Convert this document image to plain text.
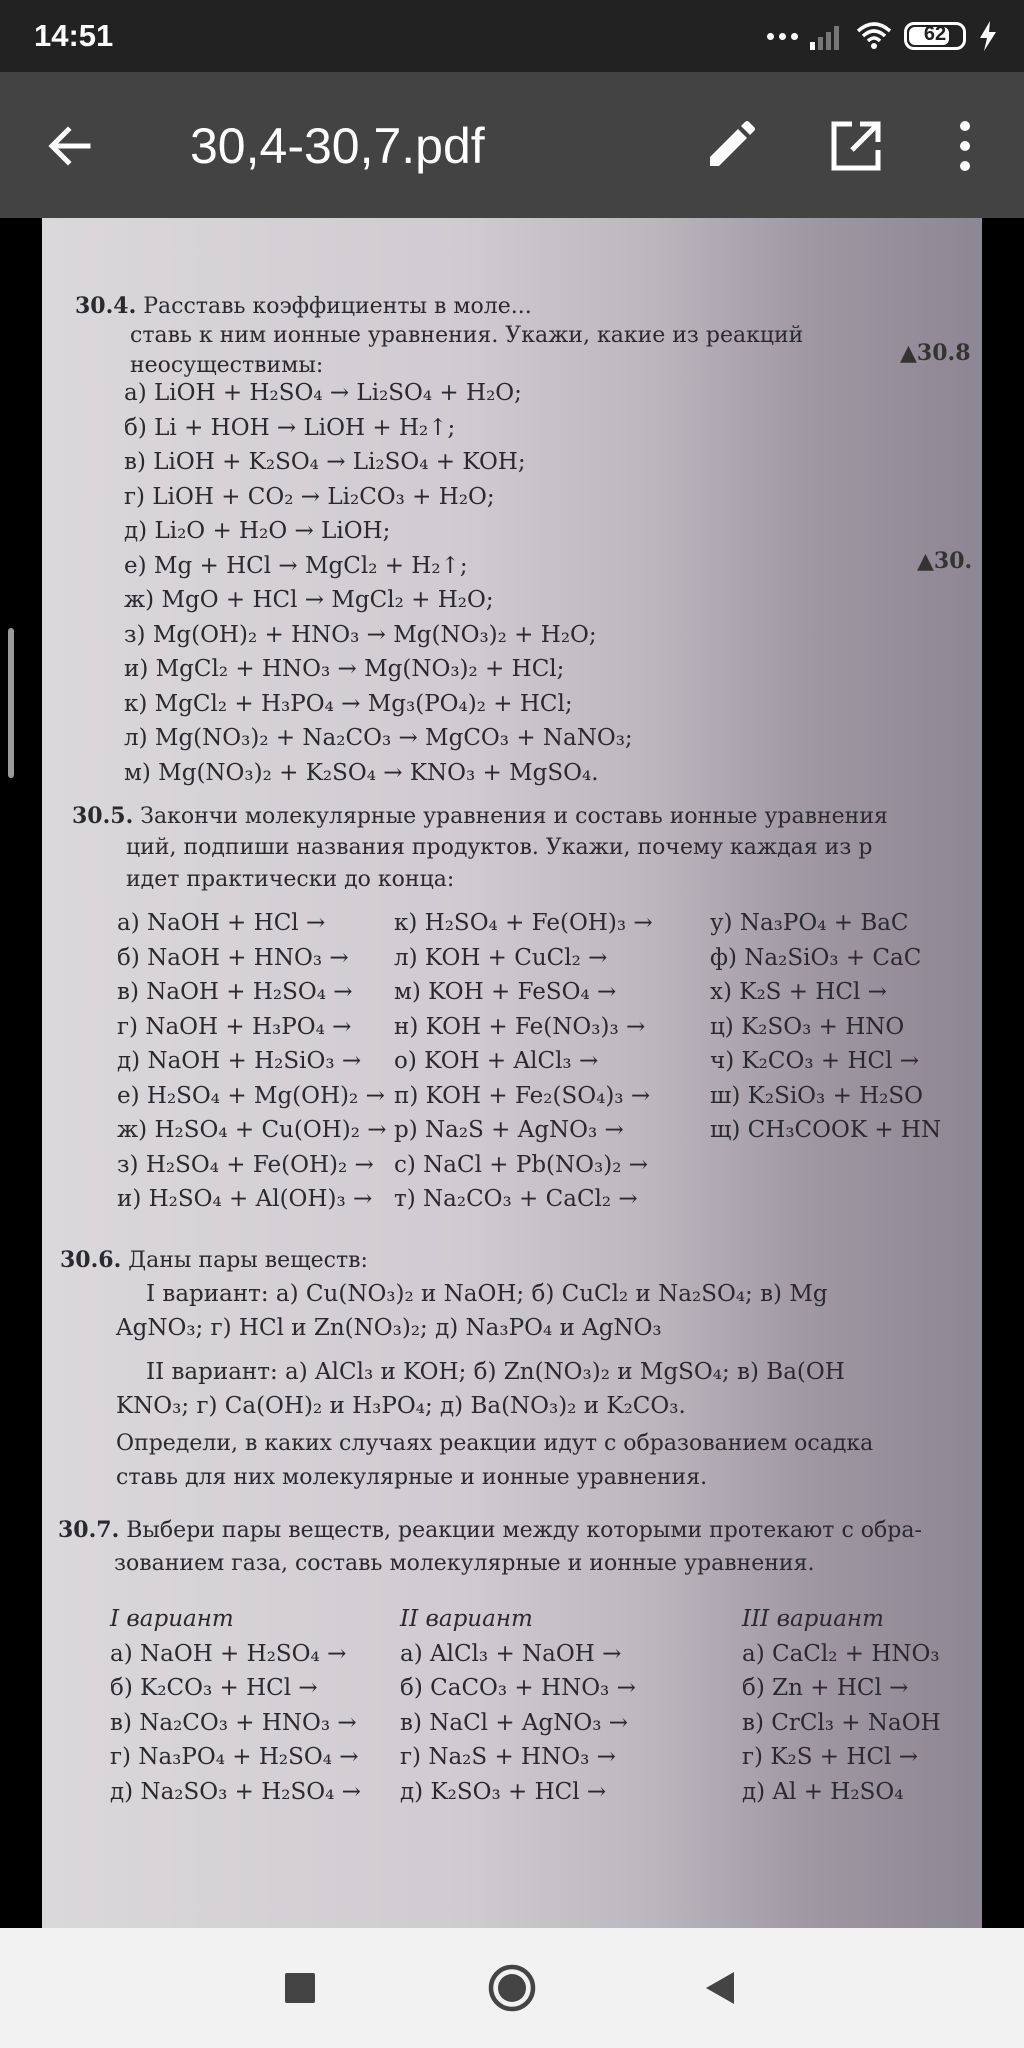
14:51	62
30,4-30,7.pdf
30.4. Расставь коэффициенты в моле...
ставь к ним ионные уравнения. Укажи, какие из реакций
неосуществимы:
а) LiOH + H₂SO₄ → Li₂SO₄ + H₂O;
б) Li + HOH → LiOH + H₂↑;
в) LiOH + K₂SO₄ → Li₂SO₄ + KOH;
г) LiOH + CO₂ → Li₂CO₃ + H₂O;
д) Li₂O + H₂O → LiOH;
е) Mg + HCl → MgCl₂ + H₂↑;
ж) MgO + HCl → MgCl₂ + H₂O;
з) Mg(OH)₂ + HNO₃ → Mg(NO₃)₂ + H₂O;
и) MgCl₂ + HNO₃ → Mg(NO₃)₂ + HCl;
к) MgCl₂ + H₃PO₄ → Mg₃(PO₄)₂ + HCl;
л) Mg(NO₃)₂ + Na₂CO₃ → MgCO₃ + NaNO₃;
м) Mg(NO₃)₂ + K₂SO₄ → KNO₃ + MgSO₄.
▲30.8
▲30.
30.5. Закончи молекулярные уравнения и составь ионные уравнения
ций, подпиши названия продуктов. Укажи, почему каждая из р
идет практически до конца:
а) NaOH + HCl →
б) NaOH + HNO₃ →
в) NaOH + H₂SO₄ →
г) NaOH + H₃PO₄ →
д) NaOH + H₂SiO₃ →
е) H₂SO₄ + Mg(OH)₂ →
ж) H₂SO₄ + Cu(OH)₂ →
з) H₂SO₄ + Fe(OH)₂ →
и) H₂SO₄ + Al(OH)₃ →
к) H₂SO₄ + Fe(OH)₃ →
л) KOH + CuCl₂ →
м) KOH + FeSO₄ →
н) KOH + Fe(NO₃)₃ →
о) KOH + AlCl₃ →
п) KOH + Fe₂(SO₄)₃ →
р) Na₂S + AgNO₃ →
с) NaCl + Pb(NO₃)₂ →
т) Na₂CO₃ + CaCl₂ →
у) Na₃PO₄ + BaC
ф) Na₂SiO₃ + CaC
х) K₂S + HCl →
ц) K₂SO₃ + HNO
ч) K₂CO₃ + HCl →
ш) K₂SiO₃ + H₂SO
щ) CH₃COOK + HN
30.6. Даны пары веществ:
I вариант: а) Cu(NO₃)₂ и NaOH; б) CuCl₂ и Na₂SO₄; в) Mg
AgNO₃; г) HCl и Zn(NO₃)₂; д) Na₃PO₄ и AgNO₃
II вариант: а) AlCl₃ и KOH; б) Zn(NO₃)₂ и MgSO₄; в) Ba(OH
KNO₃; г) Ca(OH)₂ и H₃PO₄; д) Ba(NO₃)₂ и K₂CO₃.
Определи, в каких случаях реакции идут с образованием осадка
ставь для них молекулярные и ионные уравнения.
30.7. Выбери пары веществ, реакции между которыми протекают с обра-
зованием газа, составь молекулярные и ионные уравнения.
I вариант
а) NaOH + H₂SO₄ →
б) K₂CO₃ + HCl →
в) Na₂CO₃ + HNO₃ →
г) Na₃PO₄ + H₂SO₄ →
д) Na₂SO₃ + H₂SO₄ →
II вариант
а) AlCl₃ + NaOH →
б) CaCO₃ + HNO₃ →
в) NaCl + AgNO₃ →
г) Na₂S + HNO₃ →
д) K₂SO₃ + HCl →
III вариант
а) CaCl₂ + HNO₃
б) Zn + HCl →
в) CrCl₃ + NaOH
г) K₂S + HCl →
д) Al + H₂SO₄
